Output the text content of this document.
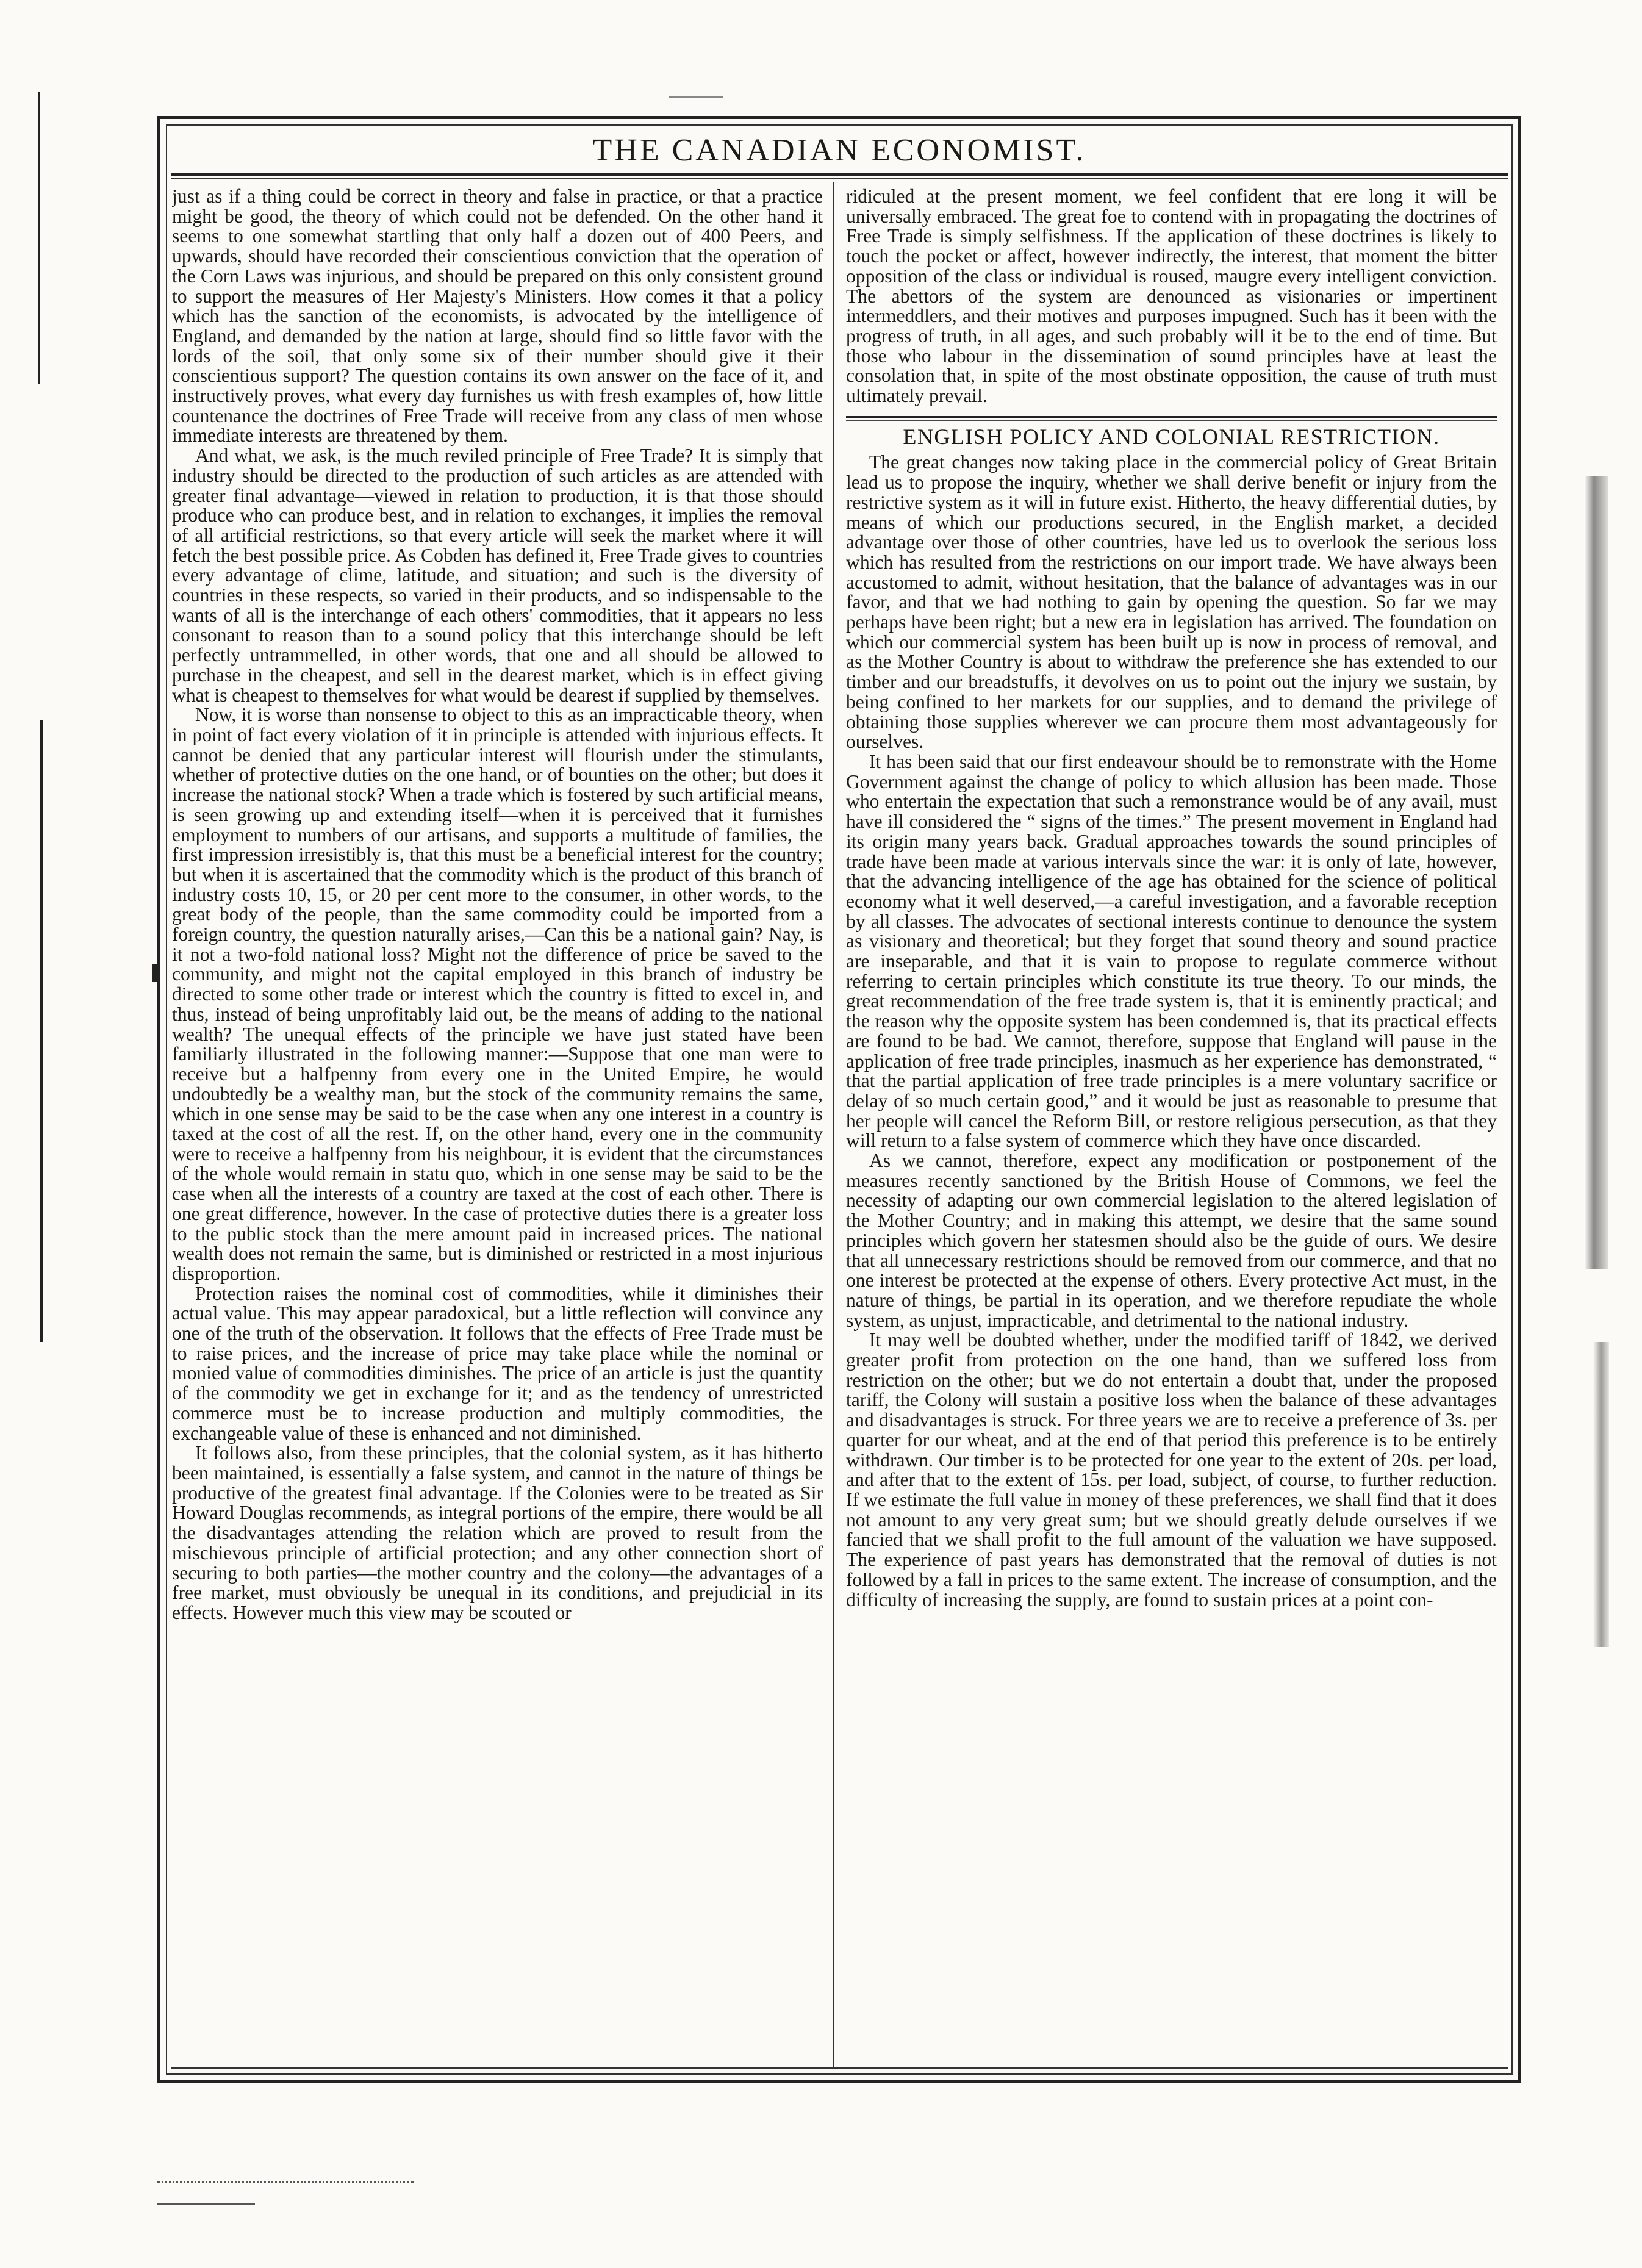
THE CANADIAN ECONOMIST.

just as if a thing could be correct in theory and false in practice, or that a practice might be good, the theory of which could not be defended. On the other hand it seems to one somewhat startling that only half a dozen out of 400 Peers, and upwards, should have recorded their conscientious conviction that the operation of the Corn Laws was injurious, and should be prepared on this only consistent ground to support the measures of Her Majesty's Ministers. How comes it that a policy which has the sanction of the economists, is advocated by the intelligence of England, and demanded by the nation at large, should find so little favor with the lords of the soil, that only some six of their number should give it their conscientious support? The question contains its own answer on the face of it, and instructively proves, what every day furnishes us with fresh examples of, how little countenance the doctrines of Free Trade will receive from any class of men whose immediate interests are threatened by them.

And what, we ask, is the much reviled principle of Free Trade? It is simply that industry should be directed to the production of such articles as are attended with greater final advantage—viewed in relation to production, it is that those should produce who can produce best, and in relation to exchanges, it implies the removal of all artificial restrictions, so that every article will seek the market where it will fetch the best possible price. As Cobden has defined it, Free Trade gives to countries every advantage of clime, latitude, and situation; and such is the diversity of countries in these respects, so varied in their products, and so indispensable to the wants of all is the interchange of each others' commodities, that it appears no less consonant to reason than to a sound policy that this interchange should be left perfectly untrammelled, in other words, that one and all should be allowed to purchase in the cheapest, and sell in the dearest market, which is in effect giving what is cheapest to themselves for what would be dearest if supplied by themselves.

Now, it is worse than nonsense to object to this as an impracticable theory, when in point of fact every violation of it in principle is attended with injurious effects. It cannot be denied that any particular interest will flourish under the stimulants, whether of protective duties on the one hand, or of bounties on the other; but does it increase the national stock? When a trade which is fostered by such artificial means, is seen growing up and extending itself—when it is perceived that it furnishes employment to numbers of our artisans, and supports a multitude of families, the first impression irresistibly is, that this must be a beneficial interest for the country; but when it is ascertained that the commodity which is the product of this branch of industry costs 10, 15, or 20 per cent more to the consumer, in other words, to the great body of the people, than the same commodity could be imported from a foreign country, the question naturally arises,—Can this be a national gain? Nay, is it not a two-fold national loss? Might not the difference of price be saved to the community, and might not the capital employed in this branch of industry be directed to some other trade or interest which the country is fitted to excel in, and thus, instead of being unprofitably laid out, be the means of adding to the national wealth? The unequal effects of the principle we have just stated have been familiarly illustrated in the following manner:—Suppose that one man were to receive but a halfpenny from every one in the United Empire, he would undoubtedly be a wealthy man, but the stock of the community remains the same, which in one sense may be said to be the case when any one interest in a country is taxed at the cost of all the rest. If, on the other hand, every one in the community were to receive a halfpenny from his neighbour, it is evident that the circumstances of the whole would remain in statu quo, which in one sense may be said to be the case when all the interests of a country are taxed at the cost of each other. There is one great difference, however. In the case of protective duties there is a greater loss to the public stock than the mere amount paid in increased prices. The national wealth does not remain the same, but is diminished or restricted in a most injurious disproportion.

Protection raises the nominal cost of commodities, while it diminishes their actual value. This may appear paradoxical, but a little reflection will convince any one of the truth of the observation. It follows that the effects of Free Trade must be to raise prices, and the increase of price may take place while the nominal or monied value of commodities diminishes. The price of an article is just the quantity of the commodity we get in exchange for it; and as the tendency of unrestricted commerce must be to increase production and multiply commodities, the exchangeable value of these is enhanced and not diminished.

It follows also, from these principles, that the colonial system, as it has hitherto been maintained, is essentially a false system, and cannot in the nature of things be productive of the greatest final advantage. If the Colonies were to be treated as Sir Howard Douglas recommends, as integral portions of the empire, there would be all the disadvantages attending the relation which are proved to result from the mischievous principle of artificial protection; and any other connection short of securing to both parties—the mother country and the colony—the advantages of a free market, must obviously be unequal in its conditions, and prejudicial in its effects. However much this view may be scouted or

ridiculed at the present moment, we feel confident that ere long it will be universally embraced. The great foe to contend with in propagating the doctrines of Free Trade is simply selfishness. If the application of these doctrines is likely to touch the pocket or affect, however indirectly, the interest, that moment the bitter opposition of the class or individual is roused, maugre every intelligent conviction. The abettors of the system are denounced as visionaries or impertinent intermeddlers, and their motives and purposes impugned. Such has it been with the progress of truth, in all ages, and such probably will it be to the end of time. But those who labour in the dissemination of sound principles have at least the consolation that, in spite of the most obstinate opposition, the cause of truth must ultimately prevail.

ENGLISH POLICY AND COLONIAL RESTRICTION.

The great changes now taking place in the commercial policy of Great Britain lead us to propose the inquiry, whether we shall derive benefit or injury from the restrictive system as it will in future exist. Hitherto, the heavy differential duties, by means of which our productions secured, in the English market, a decided advantage over those of other countries, have led us to overlook the serious loss which has resulted from the restrictions on our import trade. We have always been accustomed to admit, without hesitation, that the balance of advantages was in our favor, and that we had nothing to gain by opening the question. So far we may perhaps have been right; but a new era in legislation has arrived. The foundation on which our commercial system has been built up is now in process of removal, and as the Mother Country is about to withdraw the preference she has extended to our timber and our breadstuffs, it devolves on us to point out the injury we sustain, by being confined to her markets for our supplies, and to demand the privilege of obtaining those supplies wherever we can procure them most advantageously for ourselves.

It has been said that our first endeavour should be to remonstrate with the Home Government against the change of policy to which allusion has been made. Those who entertain the expectation that such a remonstrance would be of any avail, must have ill considered the “ signs of the times.” The present movement in England had its origin many years back. Gradual approaches towards the sound principles of trade have been made at various intervals since the war: it is only of late, however, that the advancing intelligence of the age has obtained for the science of political economy what it well deserved,—a careful investigation, and a favorable reception by all classes. The advocates of sectional interests continue to denounce the system as visionary and theoretical; but they forget that sound theory and sound practice are inseparable, and that it is vain to propose to regulate commerce without referring to certain principles which constitute its true theory. To our minds, the great recommendation of the free trade system is, that it is eminently practical; and the reason why the opposite system has been condemned is, that its practical effects are found to be bad. We cannot, therefore, suppose that England will pause in the application of free trade principles, inasmuch as her experience has demonstrated, “ that the partial application of free trade principles is a mere voluntary sacrifice or delay of so much certain good,” and it would be just as reasonable to presume that her people will cancel the Reform Bill, or restore religious persecution, as that they will return to a false system of commerce which they have once discarded.

As we cannot, therefore, expect any modification or postponement of the measures recently sanctioned by the British House of Commons, we feel the necessity of adapting our own commercial legislation to the altered legislation of the Mother Country; and in making this attempt, we desire that the same sound principles which govern her statesmen should also be the guide of ours. We desire that all unnecessary restrictions should be removed from our commerce, and that no one interest be protected at the expense of others. Every protective Act must, in the nature of things, be partial in its operation, and we therefore repudiate the whole system, as unjust, impracticable, and detrimental to the national industry.

It may well be doubted whether, under the modified tariff of 1842, we derived greater profit from protection on the one hand, than we suffered loss from restriction on the other; but we do not entertain a doubt that, under the proposed tariff, the Colony will sustain a positive loss when the balance of these advantages and disadvantages is struck. For three years we are to receive a preference of 3s. per quarter for our wheat, and at the end of that period this preference is to be entirely withdrawn. Our timber is to be protected for one year to the extent of 20s. per load, and after that to the extent of 15s. per load, subject, of course, to further reduction. If we estimate the full value in money of these preferences, we shall find that it does not amount to any very great sum; but we should greatly delude ourselves if we fancied that we shall profit to the full amount of the valuation we have supposed. The experience of past years has demonstrated that the removal of duties is not followed by a fall in prices to the same extent. The increase of consumption, and the difficulty of increasing the supply, are found to sustain prices at a point con-
